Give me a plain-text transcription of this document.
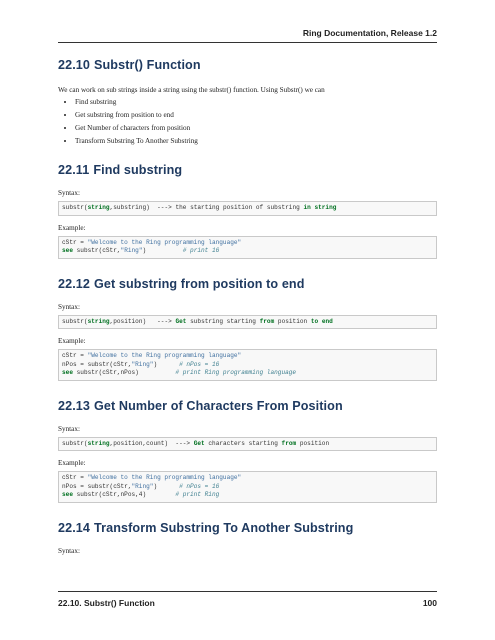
Ring Documentation, Release 1.2
22.10 Substr() Function

We can work on sub strings inside a string using the substr() function. Using Substr() we can

• Find substring
• Get substring from position to end
• Get Number of characters from position
• Transform Substring To Another Substring
22.11 Find substring

Syntax:

substr(string,substring) ---> the starting position of substring in string

Example:

cStr = "Welcome to the Ring programming language"
see substr(cStr,"Ring")	# print 16
22.12 Get substring from position to end

Syntax:

substr(string,position) ---> Get substring starting from position to end

Example:

cStr = "Welcome to the Ring programming language"
nPos = substr(cStr,"Ring")	# nPos = 16
see substr(cStr,nPos)	# print Ring programming language
22.13 Get Number of Characters From Position

Syntax:

substr(string,position,count) ---> Get characters starting from position

Example:

cStr = "Welcome to the Ring programming language"
nPos = substr(cStr,"Ring")	# nPos = 16
see substr(cStr,nPos,4)	# print Ring
22.14 Transform Substring To Another Substring

Syntax:

22.10. Substr() Function	100
